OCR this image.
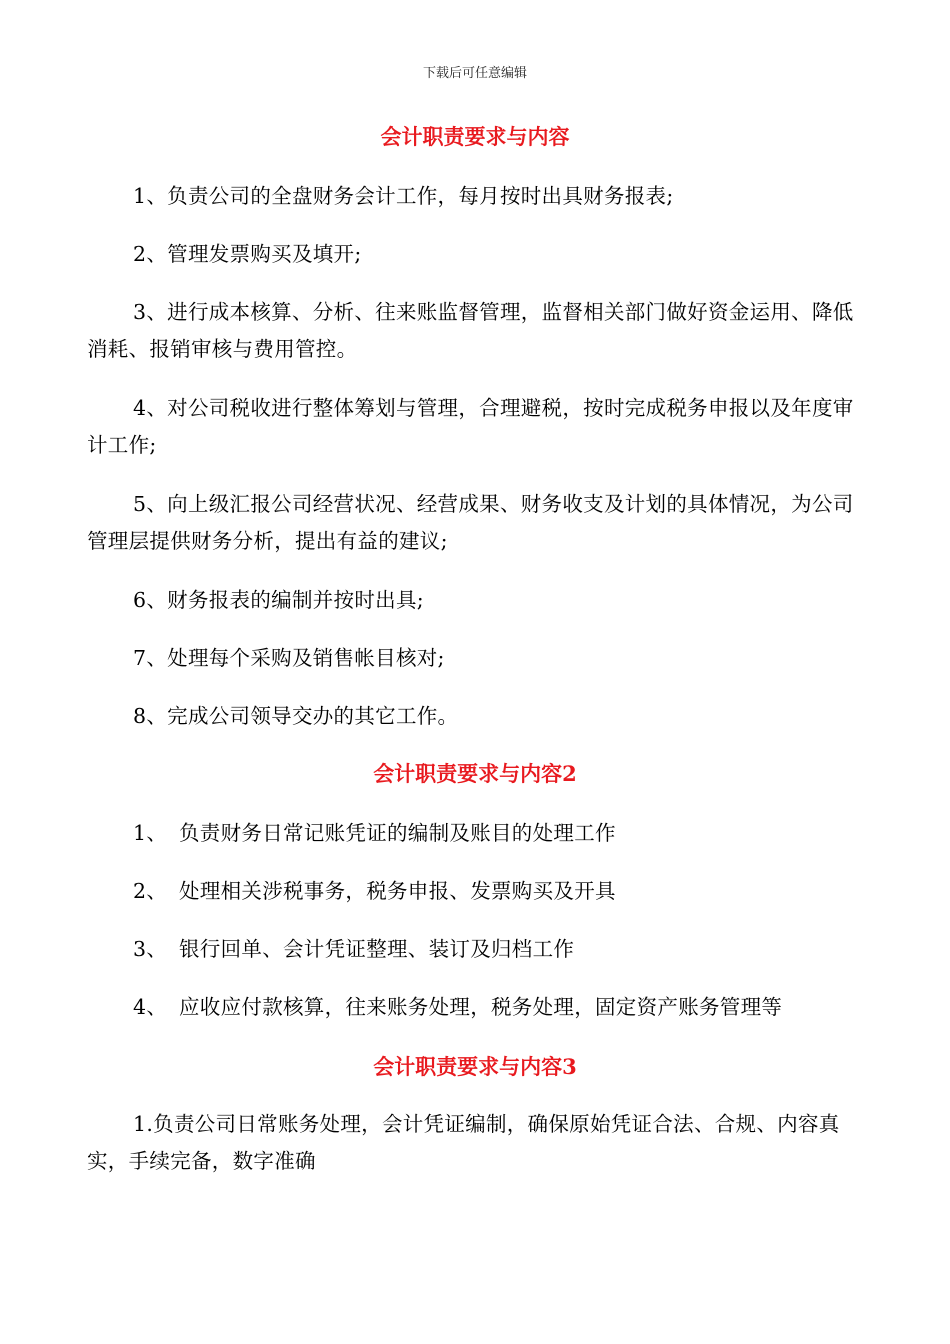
下载后可任意编辑
会计职责要求与内容
1、负责公司的全盘财务会计工作，每月按时出具财务报表;
2、管理发票购买及填开;
3、进行成本核算、分析、往来账监督管理，监督相关部门做好资金运用、降低消耗、报销审核与费用管控。
4、对公司税收进行整体筹划与管理，合理避税，按时完成税务申报以及年度审计工作;
5、向上级汇报公司经营状况、经营成果、财务收支及计划的具体情况，为公司管理层提供财务分析，提出有益的建议;
6、财务报表的编制并按时出具;
7、处理每个采购及销售帐目核对;
8、完成公司领导交办的其它工作。
会计职责要求与内容2
1、 负责财务日常记账凭证的编制及账目的处理工作
2、 处理相关涉税事务，税务申报、发票购买及开具
3、 银行回单、会计凭证整理、装订及归档工作
4、 应收应付款核算，往来账务处理，税务处理，固定资产账务管理等
会计职责要求与内容3
1.负责公司日常账务处理，会计凭证编制，确保原始凭证合法、合规、内容真实，手续完备，数字准确
